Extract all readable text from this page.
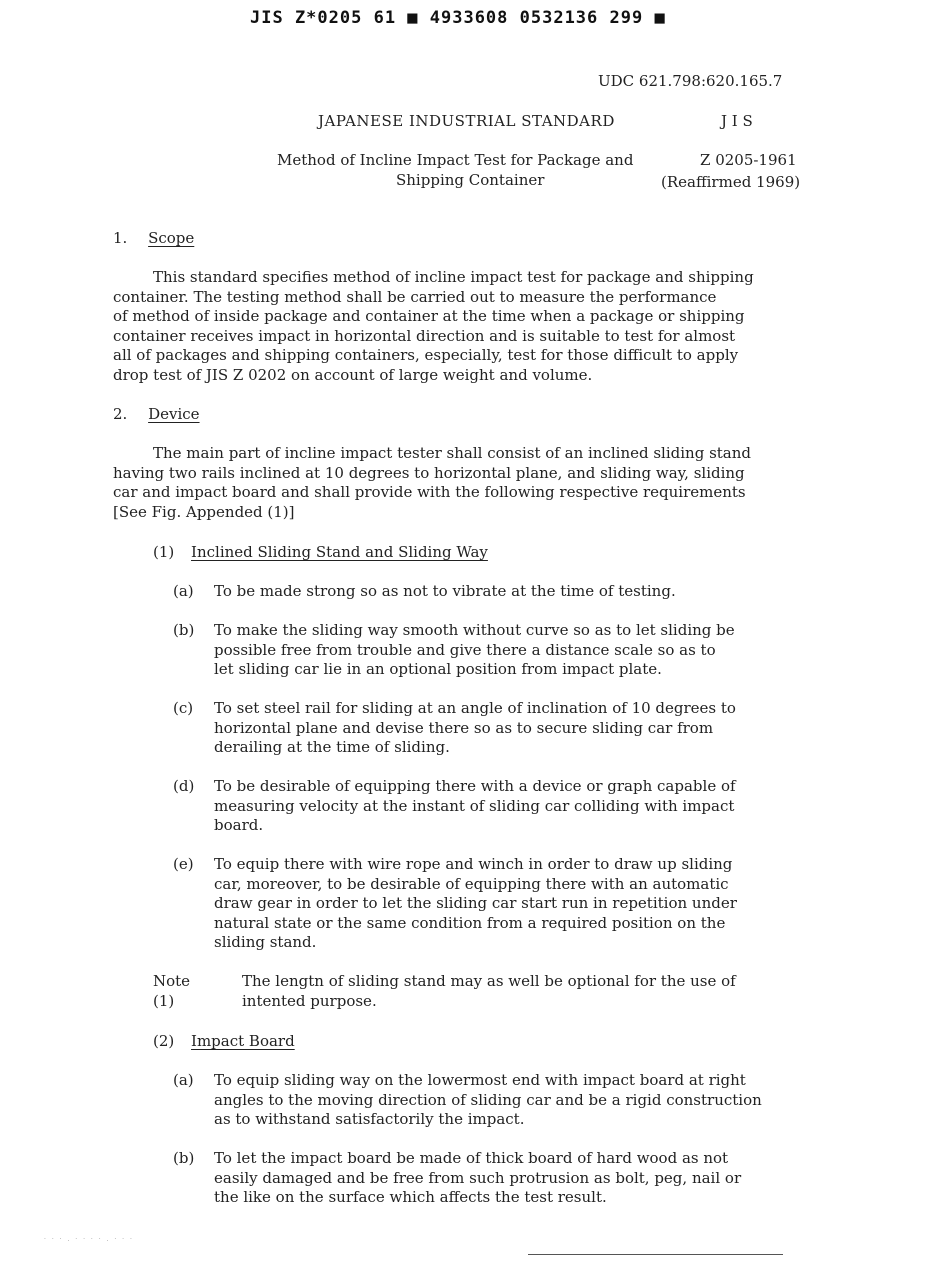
JIS Z*0205 61 ■ 4933608 0532136 299 ■
UDC 621.798:620.165.7
JAPANESE INDUSTRIAL STANDARD	J I S
Method of Incline Impact Test for Package and
Shipping Container
Z 0205-1961
(Reaffirmed 1969)
1. Scope
This standard specifies method of incline impact test for package and shipping
container. The testing method shall be carried out to measure the performance
of method of inside package and container at the time when a package or shipping
container receives impact in horizontal direction and is suitable to test for almost
all of packages and shipping containers, especially, test for those difficult to apply
drop test of JIS Z 0202 on account of large weight and volume.
2. Device
The main part of incline impact tester shall consist of an inclined sliding stand
having two rails inclined at 10 degrees to horizontal plane, and sliding way, sliding
car and impact board and shall provide with the following respective requirements
[See Fig. Appended (1)]
(1) Inclined Sliding Stand and Sliding Way
(a) To be made strong so as not to vibrate at the time of testing.
(b) To make the sliding way smooth without curve so as to let sliding be
possible free from trouble and give there a distance scale so as to
let sliding car lie in an optional position from impact plate.
(c) To set steel rail for sliding at an angle of inclination of 10 degrees to
horizontal plane and devise there so as to secure sliding car from
derailing at the time of sliding.
(d) To be desirable of equipping there with a device or graph capable of
measuring velocity at the instant of sliding car colliding with impact
board.
(e) To equip there with wire rope and winch in order to draw up sliding
car, moreover, to be desirable of equipping there with an automatic
draw gear in order to let the sliding car start run in repetition under
natural state or the same condition from a required position on the
sliding stand.
Note (1)
The lengtn of sliding stand may as well be optional for the use of
intented purpose.
(2) Impact Board
(a) To equip sliding way on the lowermost end with impact board at right
angles to the moving direction of sliding car and be a rigid construction
as to withstand satisfactorily the impact.
(b) To let the impact board be made of thick board of hard wood as not
easily damaged and be free from such protrusion as bolt, peg, nail or
the like on the surface which affects the test result.
· · · . · · · · . · · ·
